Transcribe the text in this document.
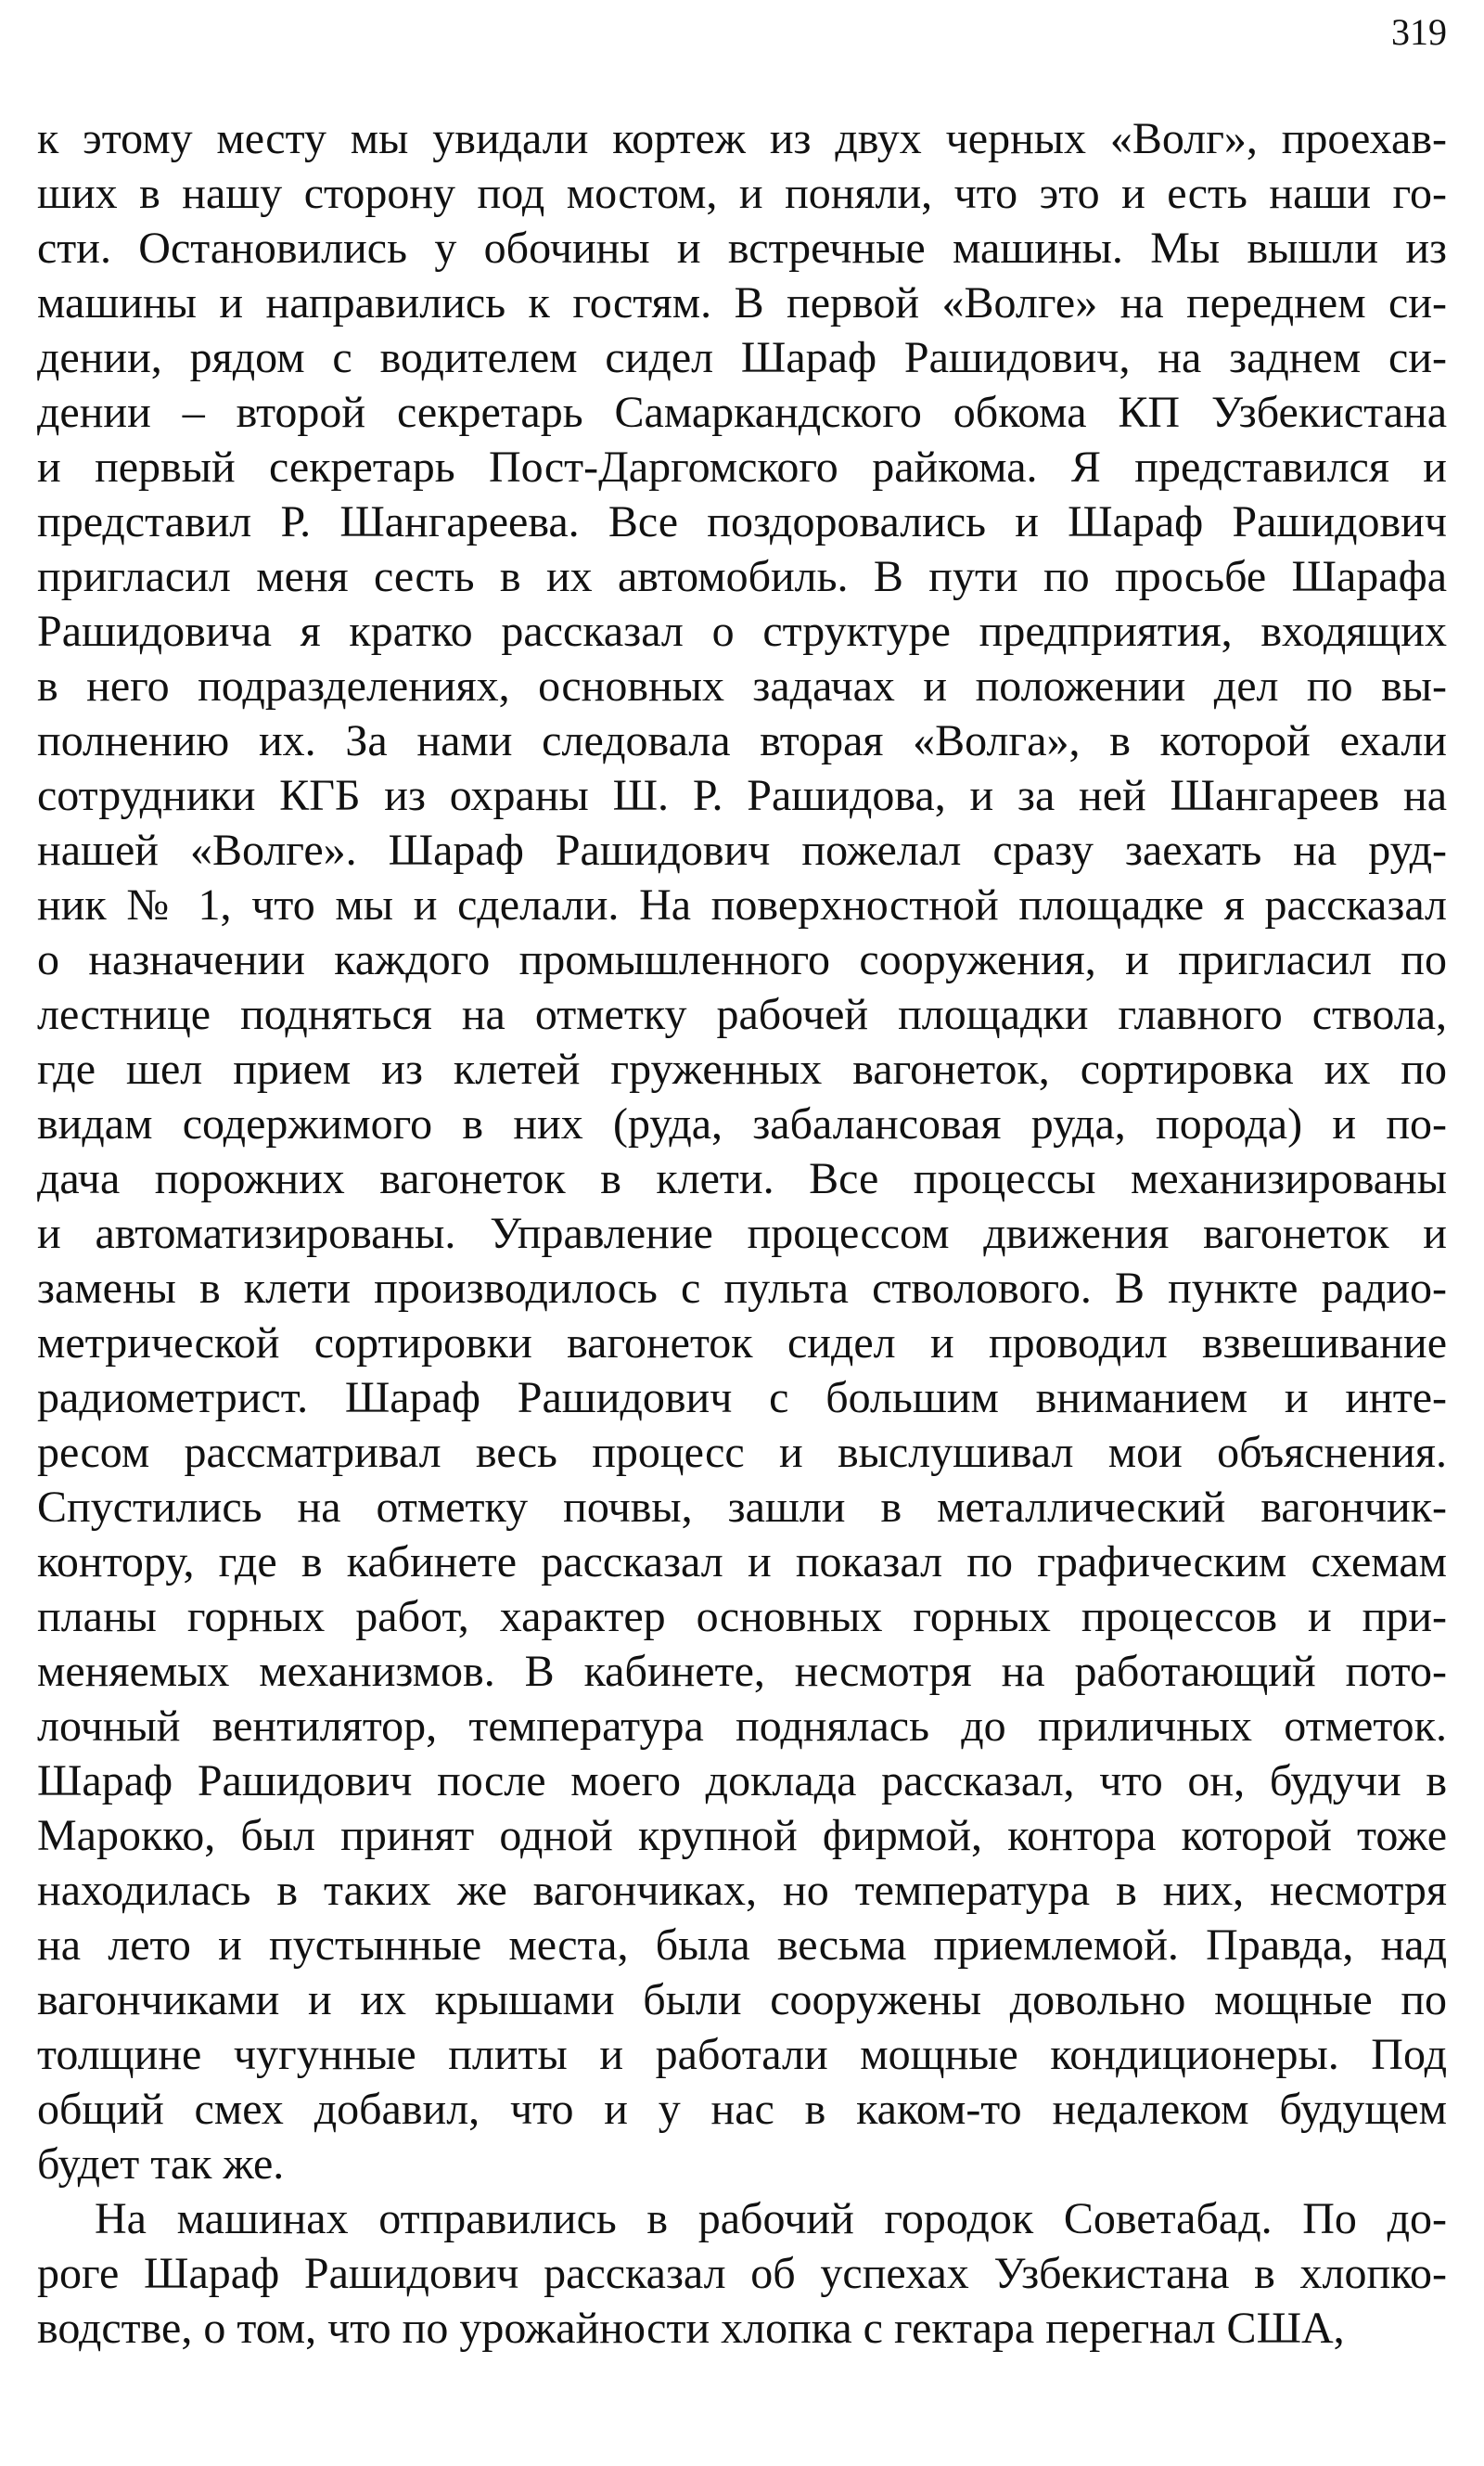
319
к этому месту мы увидали кортеж из двух черных «Волг», проехав-
ших в нашу сторону под мостом, и поняли, что это и есть наши го-
сти. Остановились у обочины и встречные машины. Мы вышли из
машины и направились к гостям. В первой «Волге» на переднем си-
дении, рядом с водителем сидел Шараф Рашидович, на заднем си-
дении – второй секретарь Самаркандского обкома КП Узбекистана
и первый секретарь Пост-Даргомского райкома. Я представился и
представил Р. Шангареева. Все поздоровались и Шараф Рашидович
пригласил меня сесть в их автомобиль. В пути по просьбе Шарафа
Рашидовича я кратко рассказал о структуре предприятия, входящих
в него подразделениях, основных задачах и положении дел по вы-
полнению их. За нами следовала вторая «Волга», в которой ехали
сотрудники КГБ из охраны Ш. Р. Рашидова, и за ней Шангареев на
нашей «Волге». Шараф Рашидович пожелал сразу заехать на руд-
ник № 1, что мы и сделали. На поверхностной площадке я рассказал
о назначении каждого промышленного сооружения, и пригласил по
лестнице подняться на отметку рабочей площадки главного ствола,
где шел прием из клетей груженных вагонеток, сортировка их по
видам содержимого в них (руда, забалансовая руда, порода) и по-
дача порожних вагонеток в клети. Все процессы механизированы
и автоматизированы. Управление процессом движения вагонеток и
замены в клети производилось с пульта стволового. В пункте радио-
метрической сортировки вагонеток сидел и проводил взвешивание
радиометрист. Шараф Рашидович с большим вниманием и инте-
ресом рассматривал весь процесс и выслушивал мои объяснения.
Спустились на отметку почвы, зашли в металлический вагончик-
контору, где в кабинете рассказал и показал по графическим схемам
планы горных работ, характер основных горных процессов и при-
меняемых механизмов. В кабинете, несмотря на работающий пото-
лочный вентилятор, температура поднялась до приличных отметок.
Шараф Рашидович после моего доклада рассказал, что он, будучи в
Марокко, был принят одной крупной фирмой, контора которой тоже
находилась в таких же вагончиках, но температура в них, несмотря
на лето и пустынные места, была весьма приемлемой. Правда, над
вагончиками и их крышами были сооружены довольно мощные по
толщине чугунные плиты и работали мощные кондиционеры. Под
общий смех добавил, что и у нас в каком-то недалеком будущем
будет так же.
На машинах отправились в рабочий городок Советабад. По до-
роге Шараф Рашидович рассказал об успехах Узбекистана в хлопко-
водстве, о том, что по урожайности хлопка с гектара перегнал США,
